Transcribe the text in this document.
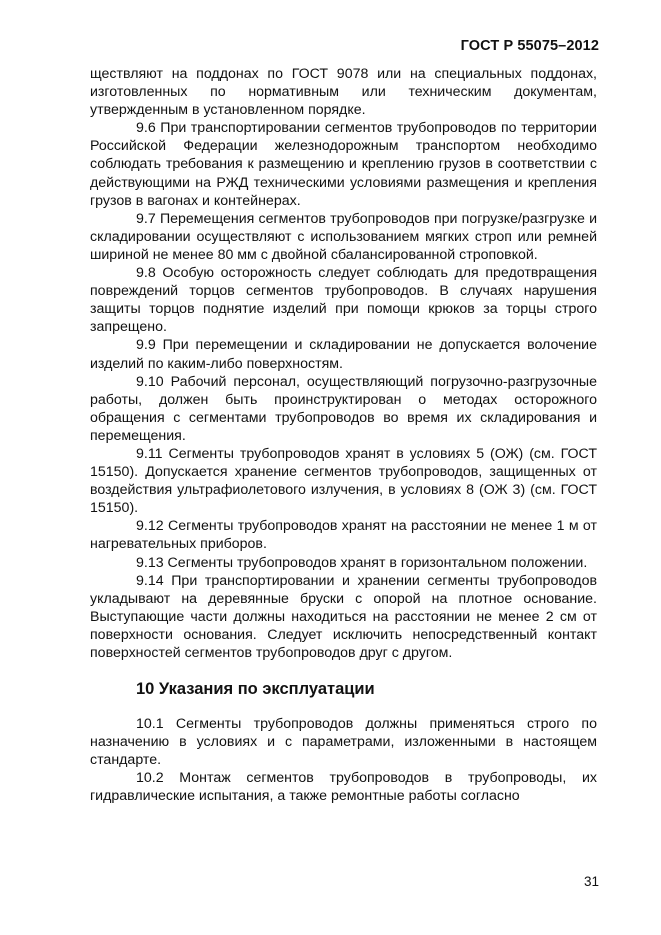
ГОСТ Р 55075–2012

ществляют на поддонах по ГОСТ 9078 или на специальных поддонах, изготовленных по нормативным или техническим документам, утвержденным в установленном порядке.

9.6 При транспортировании сегментов трубопроводов по территории Российской Федерации железнодорожным транспортом необходимо соблюдать требования к размещению и креплению грузов в соответствии с действующими на РЖД техническими условиями размещения и крепления грузов в вагонах и контейнерах.

9.7 Перемещения сегментов трубопроводов при погрузке/разгрузке и складировании осуществляют с использованием мягких строп или ремней шириной не менее 80 мм с двойной сбалансированной строповкой.

9.8 Особую осторожность следует соблюдать для предотвращения повреждений торцов сегментов трубопроводов. В случаях нарушения защиты торцов поднятие изделий при помощи крюков за торцы строго запрещено.

9.9 При перемещении и складировании не допускается волочение изделий по каким-либо поверхностям.

9.10 Рабочий персонал, осуществляющий погрузочно-разгрузочные работы, должен быть проинструктирован о методах осторожного обращения с сегментами трубопроводов во время их складирования и перемещения.

9.11 Сегменты трубопроводов хранят в условиях 5 (ОЖ) (см. ГОСТ 15150). Допускается хранение сегментов трубопроводов, защищенных от воздействия ультрафиолетового излучения, в условиях 8 (ОЖ 3) (см. ГОСТ 15150).

9.12 Сегменты трубопроводов хранят на расстоянии не менее 1 м от нагревательных приборов.

9.13 Сегменты трубопроводов хранят в горизонтальном положении.

9.14 При транспортировании и хранении сегменты трубопроводов укладывают на деревянные бруски с опорой на плотное основание. Выступающие части должны находиться на расстоянии не менее 2 см от поверхности основания. Следует исключить непосредственный контакт поверхностей сегментов трубопроводов друг с другом.

10 Указания по эксплуатации

10.1 Сегменты трубопроводов должны применяться строго по назначению в условиях и с параметрами, изложенными в настоящем стандарте.

10.2 Монтаж сегментов трубопроводов в трубопроводы, их гидравлические испытания, а также ремонтные работы согласно

31
